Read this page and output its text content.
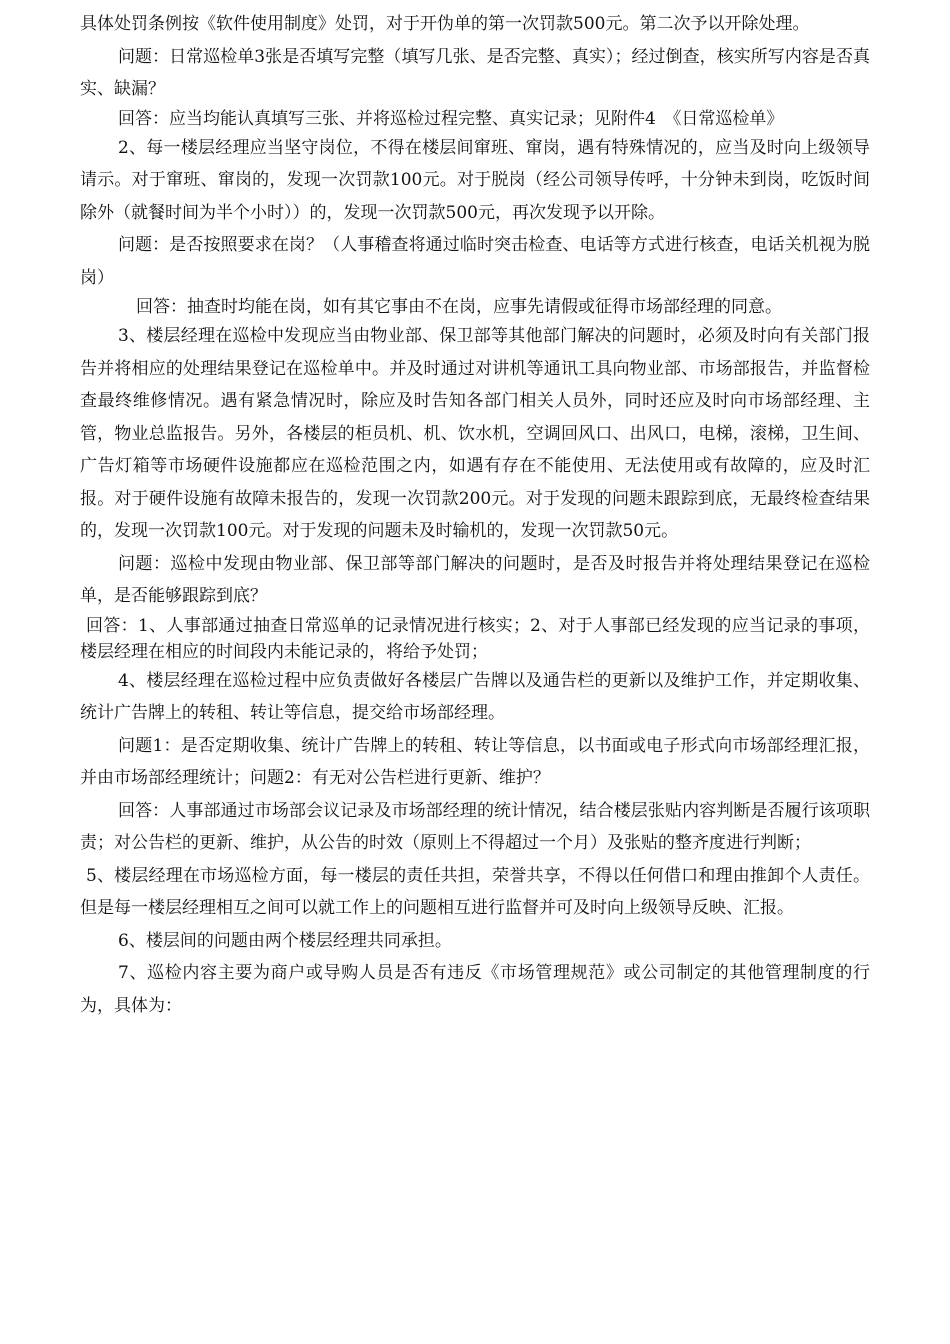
具体处罚条例按《软件使用制度》处罚，对于开伪单的第一次罚款500元。第二次予以开除处理。

问题：日常巡检单3张是否填写完整（填写几张、是否完整、真实）；经过倒查，核实所写内容是否真实、缺漏？

回答：应当均能认真填写三张、并将巡检过程完整、真实记录；见附件4　《日常巡检单》

2、每一楼层经理应当坚守岗位，不得在楼层间窜班、窜岗，遇有特殊情况的，应当及时向上级领导请示。对于窜班、窜岗的，发现一次罚款100元。对于脱岗（经公司领导传呼，十分钟未到岗，吃饭时间除外（就餐时间为半个小时））的，发现一次罚款500元，再次发现予以开除。

问题：是否按照要求在岗？（人事稽查将通过临时突击检查、电话等方式进行核查，电话关机视为脱岗）

回答：抽查时均能在岗，如有其它事由不在岗，应事先请假或征得市场部经理的同意。

3、楼层经理在巡检中发现应当由物业部、保卫部等其他部门解决的问题时，必须及时向有关部门报告并将相应的处理结果登记在巡检单中。并及时通过对讲机等通讯工具向物业部、市场部报告，并监督检查最终维修情况。遇有紧急情况时，除应及时告知各部门相关人员外，同时还应及时向市场部经理、主管，物业总监报告。另外，各楼层的柜员机、机、饮水机，空调回风口、出风口，电梯，滚梯，卫生间、广告灯箱等市场硬件设施都应在巡检范围之内，如遇有存在不能使用、无法使用或有故障的，应及时汇报。对于硬件设施有故障未报告的，发现一次罚款200元。对于发现的问题未跟踪到底，无最终检查结果的，发现一次罚款100元。对于发现的问题未及时输机的，发现一次罚款50元。

问题：巡检中发现由物业部、保卫部等部门解决的问题时，是否及时报告并将处理结果登记在巡检单，是否能够跟踪到底？

回答：1、人事部通过抽查日常巡单的记录情况进行核实；2、对于人事部已经发现的应当记录的事项，楼层经理在相应的时间段内未能记录的，将给予处罚；

4、楼层经理在巡检过程中应负责做好各楼层广告牌以及通告栏的更新以及维护工作，并定期收集、统计广告牌上的转租、转让等信息，提交给市场部经理。

问题1：是否定期收集、统计广告牌上的转租、转让等信息，以书面或电子形式向市场部经理汇报，并由市场部经理统计；问题2：有无对公告栏进行更新、维护？

回答：人事部通过市场部会议记录及市场部经理的统计情况，结合楼层张贴内容判断是否履行该项职责；对公告栏的更新、维护，从公告的时效（原则上不得超过一个月）及张贴的整齐度进行判断；

5、楼层经理在市场巡检方面，每一楼层的责任共担，荣誉共享，不得以任何借口和理由推卸个人责任。但是每一楼层经理相互之间可以就工作上的问题相互进行监督并可及时向上级领导反映、汇报。

6、楼层间的问题由两个楼层经理共同承担。

7、巡检内容主要为商户或导购人员是否有违反《市场管理规范》或公司制定的其他管理制度的行为，具体为：
